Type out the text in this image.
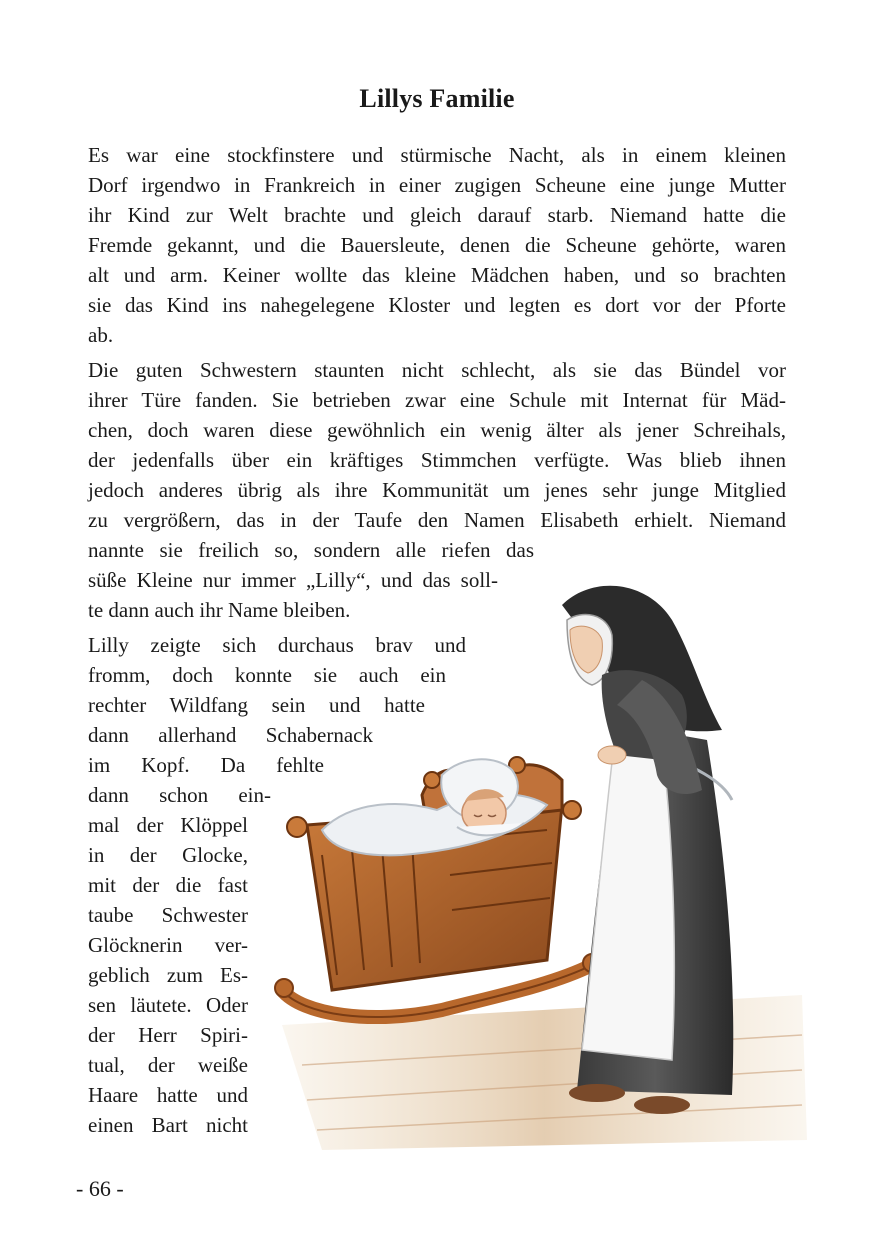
Lillys Familie
Es war eine stockfinstere und stürmische Nacht, als in einem kleinen
Dorf irgendwo in Frankreich in einer zugigen Scheune eine junge Mutter
ihr Kind zur Welt brachte und gleich darauf starb. Niemand hatte die
Fremde gekannt, und die Bauersleute, denen die Scheune gehörte, waren
alt und arm. Keiner wollte das kleine Mädchen haben, und so brachten
sie das Kind ins nahegelegene Kloster und legten es dort vor der Pforte
ab.
Die guten Schwestern staunten nicht schlecht, als sie das Bündel vor
ihrer Türe fanden. Sie betrieben zwar eine Schule mit Internat für Mäd-
chen, doch waren diese gewöhnlich ein wenig älter als jener Schreihals,
der jedenfalls über ein kräftiges Stimmchen verfügte. Was blieb ihnen
jedoch anderes übrig als ihre Kommunität um jenes sehr junge Mitglied
zu vergrößern, das in der Taufe den Namen Elisabeth erhielt. Niemand
nannte sie freilich so, sondern alle riefen das
süße Kleine nur immer „Lilly“, und das soll-
te dann auch ihr Name bleiben.
Lilly zeigte sich durchaus brav und
fromm, doch konnte sie auch ein
rechter Wildfang sein und hatte
dann allerhand Schabernack
im Kopf. Da fehlte
dann schon ein-
mal der Klöppel
in der Glocke,
mit der die fast
taube Schwester
Glöcknerin ver-
geblich zum Es-
sen läutete. Oder
der Herr Spiri-
tual, der weiße
Haare hatte und
einen Bart nicht
- 66 -
